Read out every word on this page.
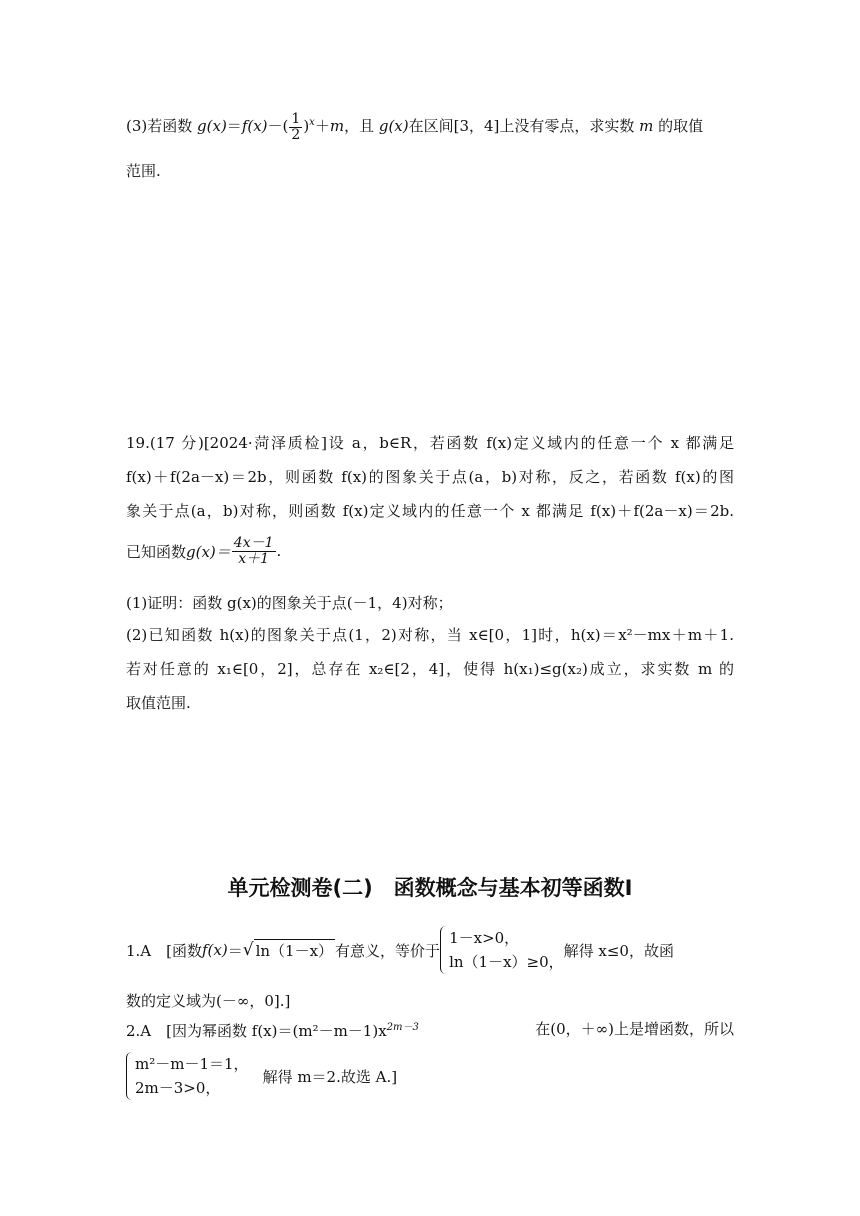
(3)若函数 $g(x)=f(x)-( \frac{1}{2} )^x+m$，且 g(x)在区间[3，4]上没有零点，求实数 m 的取值
范围.
19.(17 分)[2024·菏泽质检]设 a，b∈R，若函数 f(x)定义域内的任意一个 x 都满足
f(x)＋f(2a－x)＝2b，则函数 f(x)的图象关于点(a，b)对称，反之，若函数 f(x)的图
象关于点(a，b)对称，则函数 f(x)定义域内的任意一个 x 都满足 f(x)＋f(2a－x)＝2b.
已知函数 $g(x)= \frac{4x-1}{x+1}$ .
(1)证明：函数 g(x)的图象关于点(－1，4)对称；
(2)已知函数 h(x)的图象关于点(1，2)对称，当 x∈[0，1]时，h(x)＝x²－mx＋m＋1.
若对任意的 x₁∈[0，2]，总存在 x₂∈[2，4]，使得 h(x₁)≤g(x₂)成立，求实数 m 的
取值范围.
单元检测卷(二)　函数概念与基本初等函数Ⅰ
1.A　[函数 f(x) ＝ √ ln（1－x） 有意义，等价于
1－x>0，
ln（1－x）≥0，
解得 x≤0，故函
数的定义域为(－∞，0].]
2.A　[因为幂函数 $f(x)=(m^2-m-1)x^{2m-3}$	在(0，＋∞)上是增函数，所以
m²－m－1＝1，
2m－3>0，
解得 m＝2.故选 A.]
